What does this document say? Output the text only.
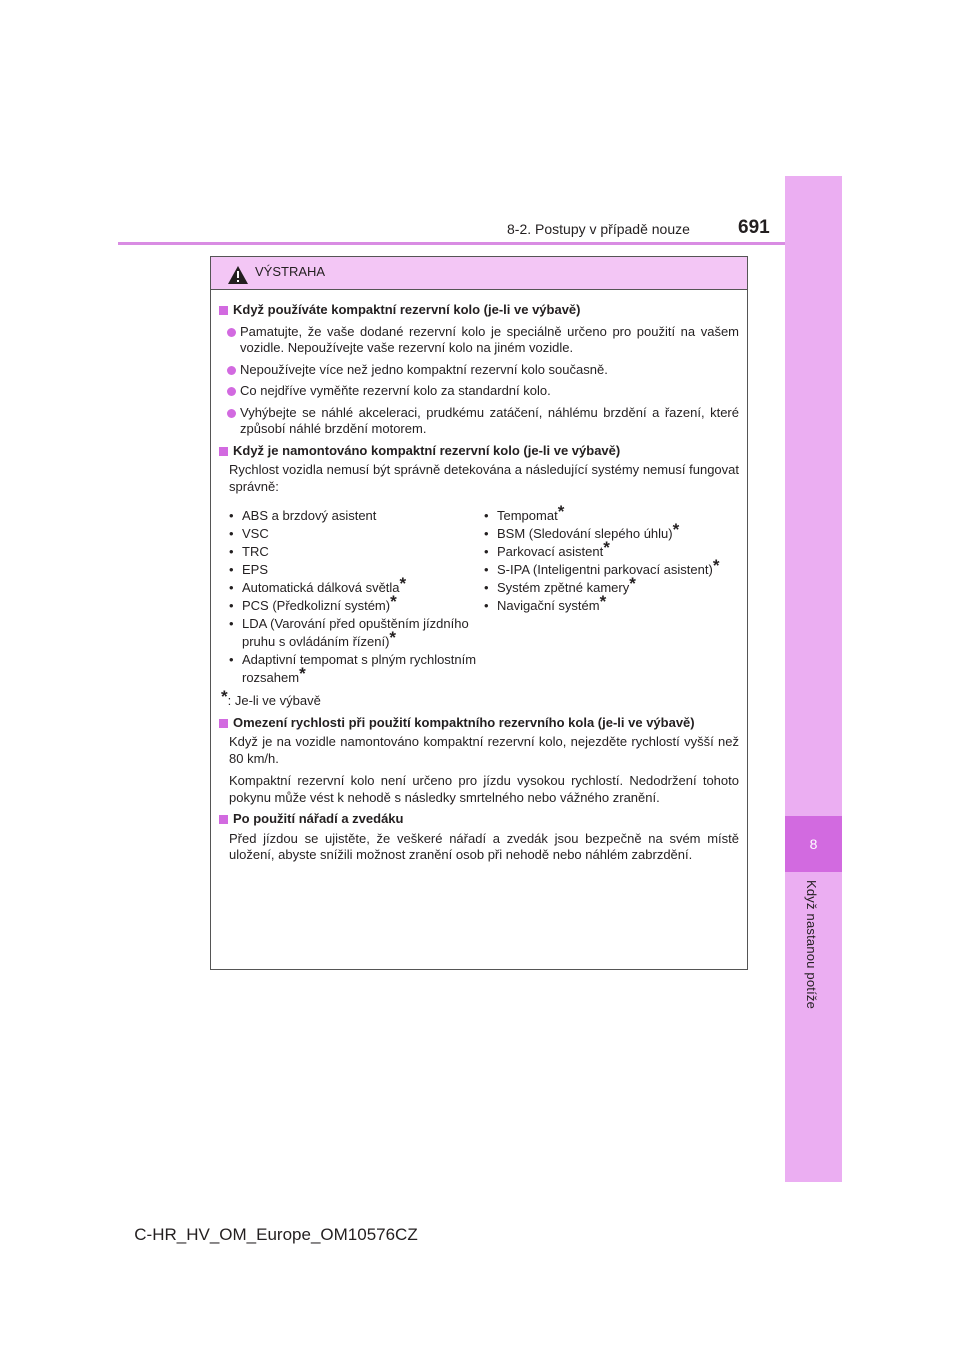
8
Když nastanou potíže
8-2. Postupy v případě nouze	691
VÝSTRAHA
Když používáte kompaktní rezervní kolo (je-li ve výbavě)
Pamatujte, že vaše dodané rezervní kolo je speciálně určeno pro použití na vašem vozidle. Nepoužívejte vaše rezervní kolo na jiném vozidle.
Nepoužívejte více než jedno kompaktní rezervní kolo současně.
Co nejdříve vyměňte rezervní kolo za standardní kolo.
Vyhýbejte se náhlé akceleraci, prudkému zatáčení, náhlému brzdění a řazení, které způsobí náhlé brzdění motorem.
Když je namontováno kompaktní rezervní kolo (je-li ve výbavě)
Rychlost vozidla nemusí být správně detekována a následující systémy nemusí fungovat správně:
• ABS a brzdový asistent
• VSC
• TRC
• EPS
• Automatická dálková světla*
• PCS (Předkolizní systém)*
• LDA (Varování před opuštěním jízdního pruhu s ovládáním řízení)*
• Adaptivní tempomat s plným rychlostním rozsahem*
• Tempomat*
• BSM (Sledování slepého úhlu)*
• Parkovací asistent*
• S-IPA (Inteligentni parkovací asistent)*
• Systém zpětné kamery*
• Navigační systém*
*: Je-li ve výbavě
Omezení rychlosti při použití kompaktního rezervního kola (je-li ve výbavě)
Když je na vozidle namontováno kompaktní rezervní kolo, nejezděte rychlostí vyšší než 80 km/h.
Kompaktní rezervní kolo není určeno pro jízdu vysokou rychlostí. Nedodržení tohoto pokynu může vést k nehodě s následky smrtelného nebo vážného zranění.
Po použití nářadí a zvedáku
Před jízdou se ujistěte, že veškeré nářadí a zvedák jsou bezpečně na svém místě uložení, abyste snížili možnost zranění osob při nehodě nebo náhlém zabrzdění.
C-HR_HV_OM_Europe_OM10576CZ
